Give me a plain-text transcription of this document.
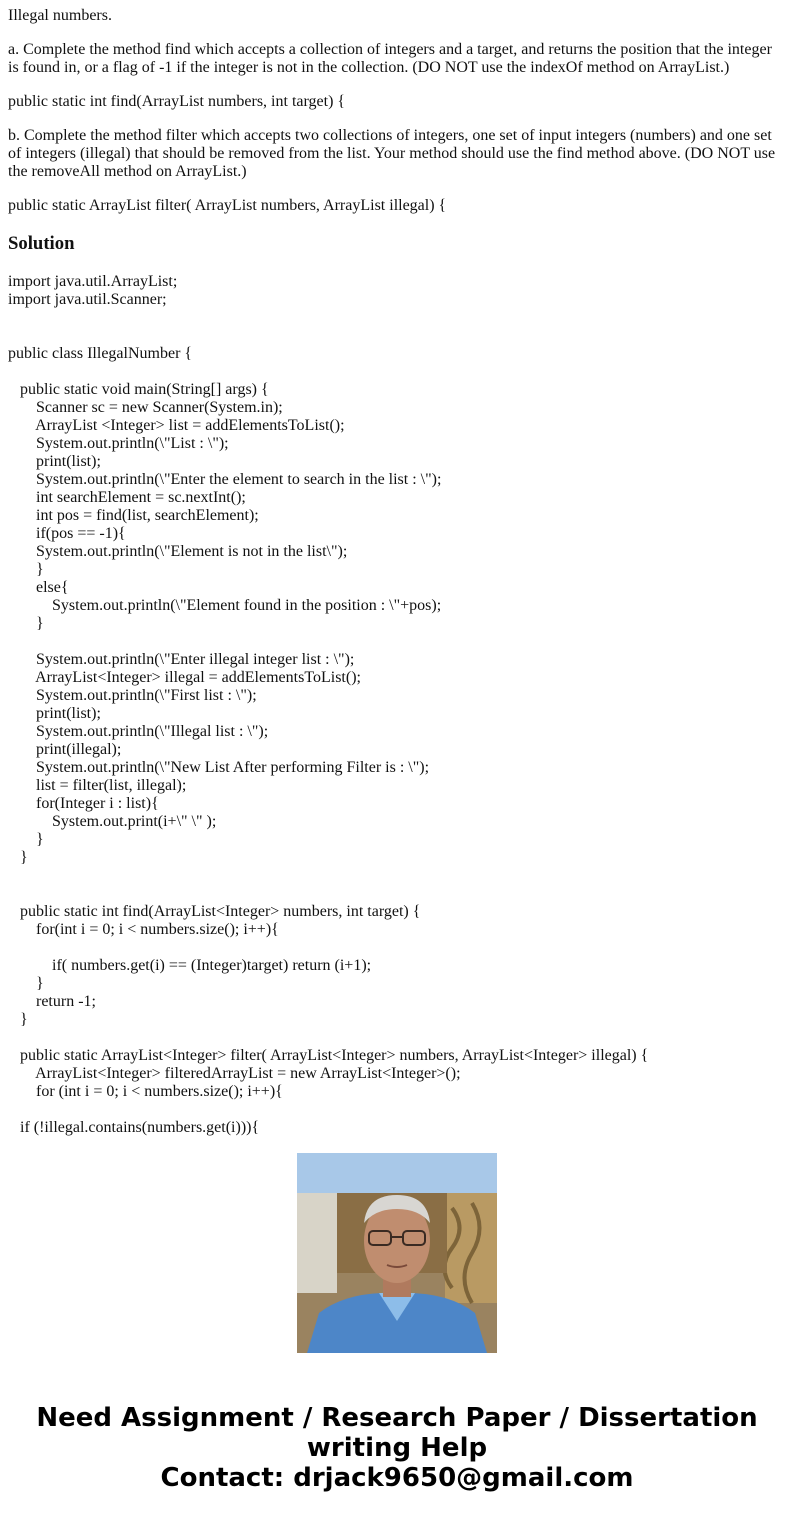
Illegal numbers.

a. Complete the method find which accepts a collection of integers and a target, and returns the position that the integer is found in, or a flag of -1 if the integer is not in the collection. (DO NOT use the indexOf method on ArrayList.)

public static int find(ArrayList numbers, int target) {

b. Complete the method filter which accepts two collections of integers, one set of input integers (numbers) and one set of integers (illegal) that should be removed from the list. Your method should use the find method above. (DO NOT use the removeAll method on ArrayList.)

public static ArrayList filter( ArrayList numbers, ArrayList illegal) {

Solution
import java.util.ArrayList;
import java.util.Scanner;
public class IllegalNumber {
public static void main(String[] args) {
Scanner sc = new Scanner(System.in);
ArrayList <Integer> list = addElementsToList();
System.out.println(\"List : \");
print(list);
System.out.println(\"Enter the element to search in the list : \");
int searchElement = sc.nextInt();
int pos = find(list, searchElement);
if(pos == -1){
System.out.println(\"Element is not in the list\");
}
else{
System.out.println(\"Element found in the position : \"+pos);
}
System.out.println(\"Enter illegal integer list : \");
ArrayList<Integer> illegal = addElementsToList();
System.out.println(\"First list : \");
print(list);
System.out.println(\"Illegal list : \");
print(illegal);
System.out.println(\"New List After performing Filter is : \");
list = filter(list, illegal);
for(Integer i : list){
System.out.print(i+\" \" );
}
}
public static int find(ArrayList<Integer> numbers, int target) {
for(int i = 0; i < numbers.size(); i++){
if( numbers.get(i) == (Integer)target) return (i+1);
}
return -1;
}
public static ArrayList<Integer> filter( ArrayList<Integer> numbers, ArrayList<Integer> illegal) {
ArrayList<Integer> filteredArrayList = new ArrayList<Integer>();
for (int i = 0; i < numbers.size(); i++){
if (!illegal.contains(numbers.get(i))){
Need Assignment / Research Paper / Dissertation
writing Help
Contact: drjack9650@gmail.com
